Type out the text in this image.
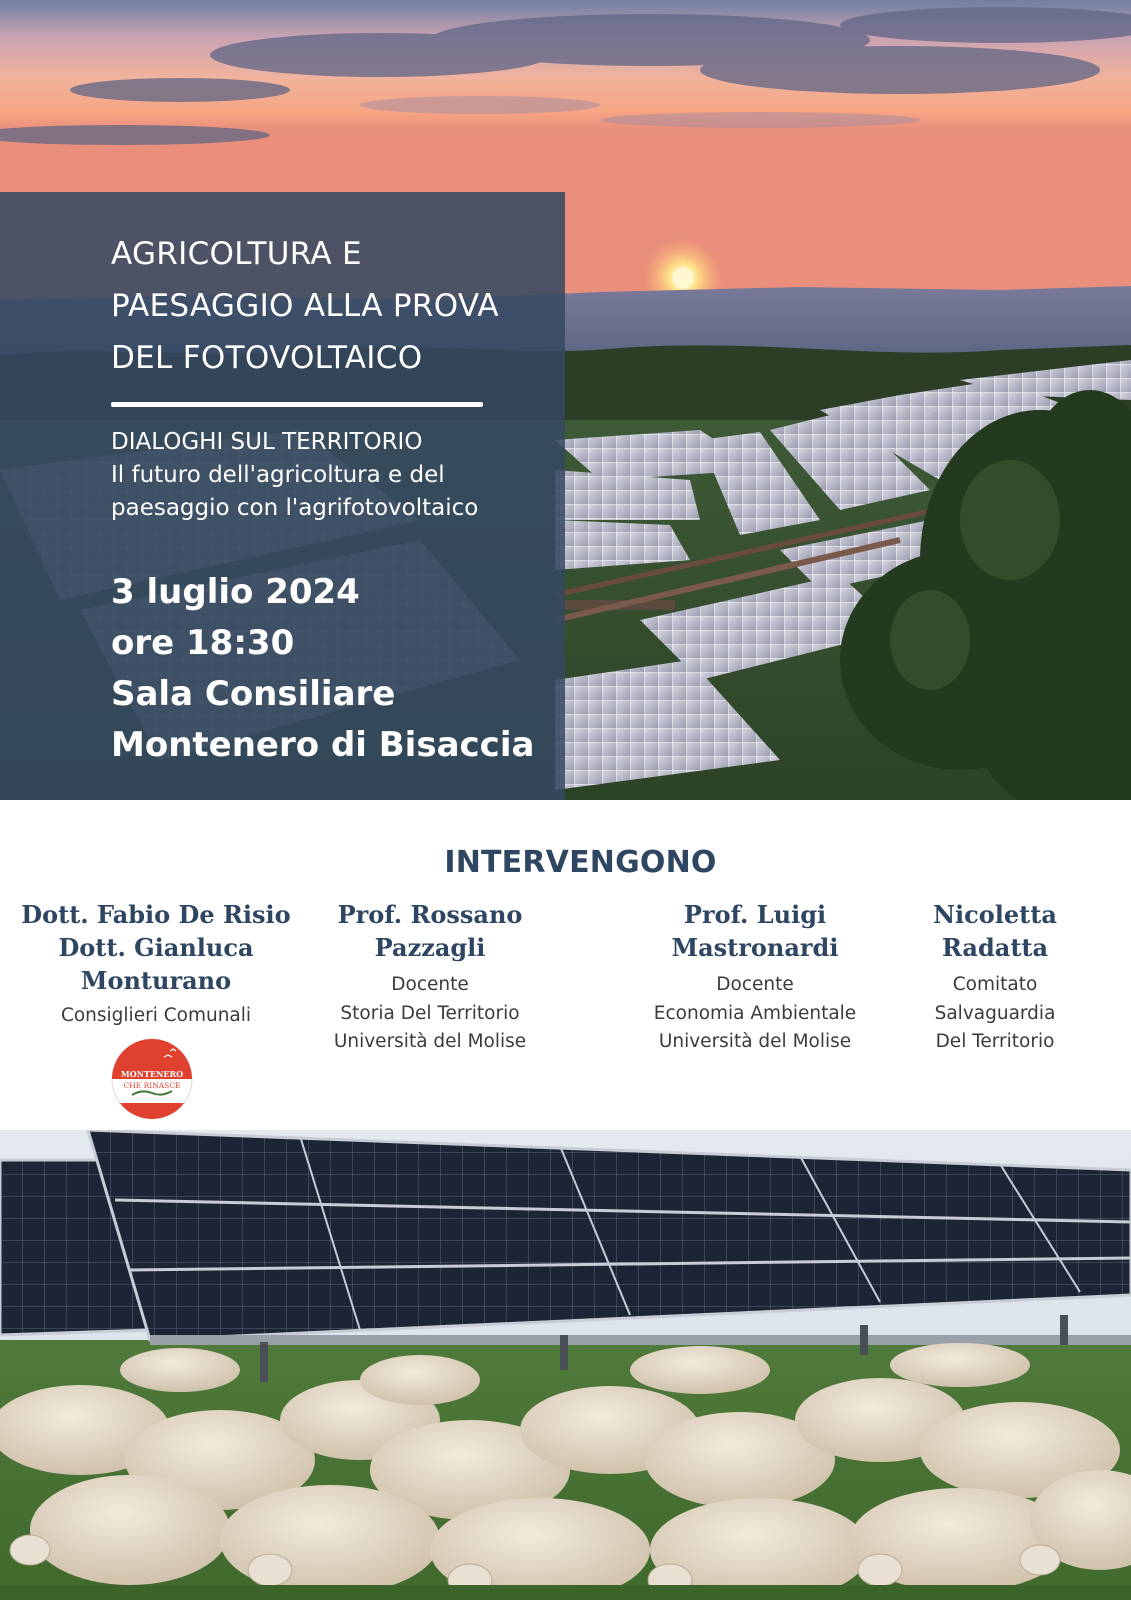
AGRICOLTURA E
PAESAGGIO ALLA PROVA
DEL FOTOVOLTAICO
DIALOGHI SUL TERRITORIO
Il futuro dell'agricoltura e del
paesaggio con l'agrifotovoltaico
3 luglio 2024
ore 18:30
Sala Consiliare
Montenero di Bisaccia
INTERVENGONO
Dott. Fabio De Risio
Dott. Gianluca
Monturano
Consiglieri Comunali
Prof. Rossano
Pazzagli
Docente
Storia Del Territorio
Università del Molise
Prof. Luigi
Mastronardi
Docente
Economia Ambientale
Università del Molise
Nicoletta
Radatta
Comitato
Salvaguardia
Del Territorio
MONTENERO
CHE RINASCE
